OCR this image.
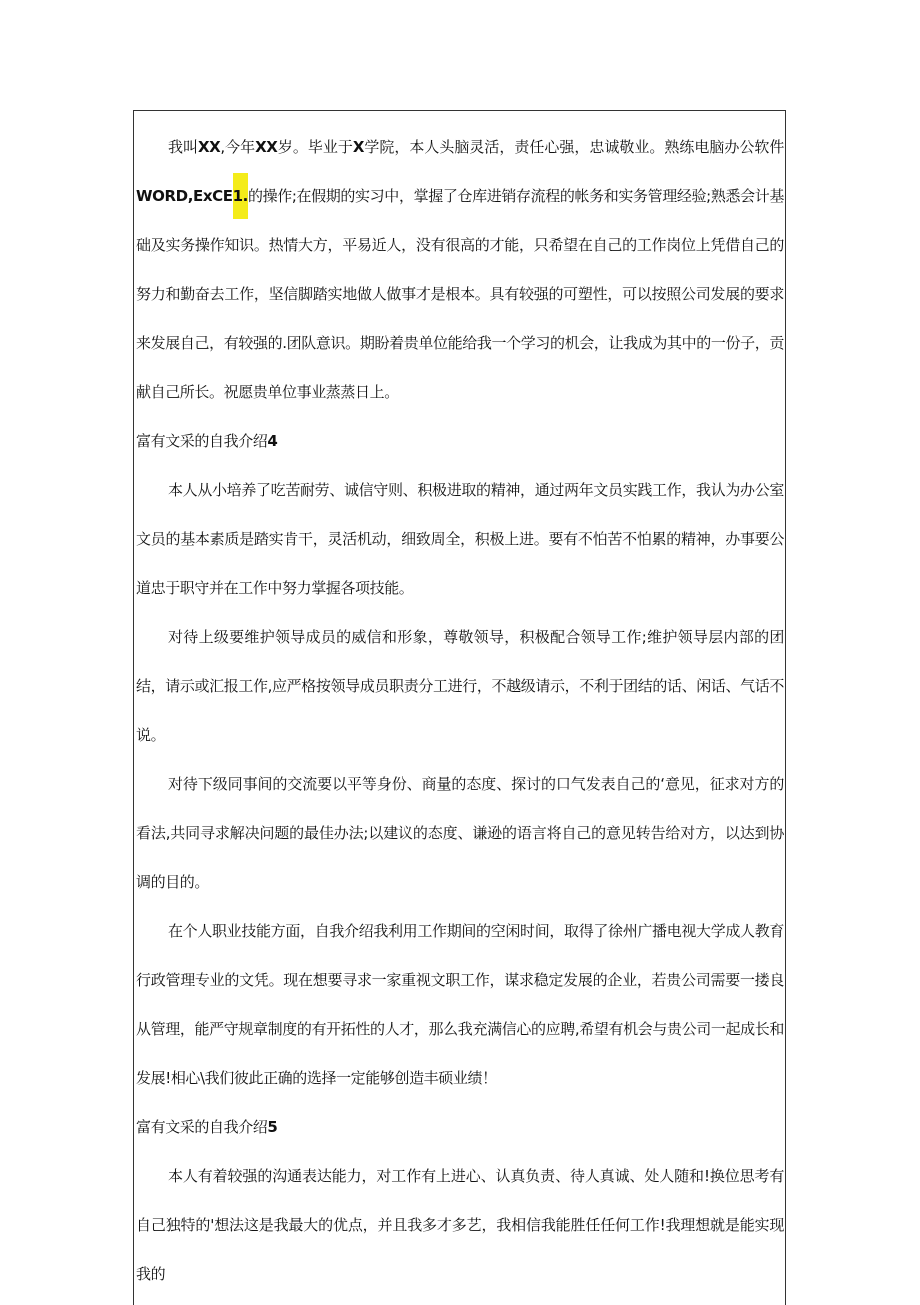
我叫XX,今年XX岁。毕业于X学院，本人头脑灵活，责任心强，忠诚敬业。熟练电脑办公软件WORD,ExCE1.的操作;在假期的实习中，掌握了仓库进销存流程的帐务和实务管理经验;熟悉会计基础及实务操作知识。热情大方，平易近人，没有很高的才能，只希望在自己的工作岗位上凭借自己的努力和勤奋去工作，坚信脚踏实地做人做事才是根本。具有较强的可塑性，可以按照公司发展的要求来发展自己，有较强的.团队意识。期盼着贵单位能给我一个学习的机会，让我成为其中的一份子，贡献自己所长。祝愿贵单位事业蒸蒸日上。

富有文采的自我介绍4

本人从小培养了吃苦耐劳、诚信守则、积极进取的精神，通过两年文员实践工作，我认为办公室文员的基本素质是踏实肯干，灵活机动，细致周全，积极上进。要有不怕苦不怕累的精神，办事要公道忠于职守并在工作中努力掌握各项技能。

对待上级要维护领导成员的威信和形象，尊敬领导，积极配合领导工作;维护领导层内部的团结，请示或汇报工作,应严格按领导成员职责分工进行，不越级请示，不利于团结的话、闲话、气话不说。

对待下级同事间的交流要以平等身份、商量的态度、探讨的口气发表自己的‘意见，征求对方的看法,共同寻求解决问题的最佳办法;以建议的态度、谦逊的语言将自己的意见转告给对方，以达到协调的目的。

在个人职业技能方面，自我介绍我利用工作期间的空闲时间，取得了徐州广播电视大学成人教育行政管理专业的文凭。现在想要寻求一家重视文职工作，谋求稳定发展的企业，若贵公司需要一搂良从管理，能严守规章制度的有开拓性的人才，那么我充满信心的应聘,希望有机会与贵公司一起成长和发展!相心\我们彼此正确的选择一定能够创造丰硕业绩！

富有文采的自我介绍5

本人有着较强的沟通表达能力，对工作有上进心、认真负责、待人真诚、处人随和!换位思考有自己独特的'想法这是我最大的优点，并且我多才多艺，我相信我能胜任任何工作!我理想就是能实现我的
